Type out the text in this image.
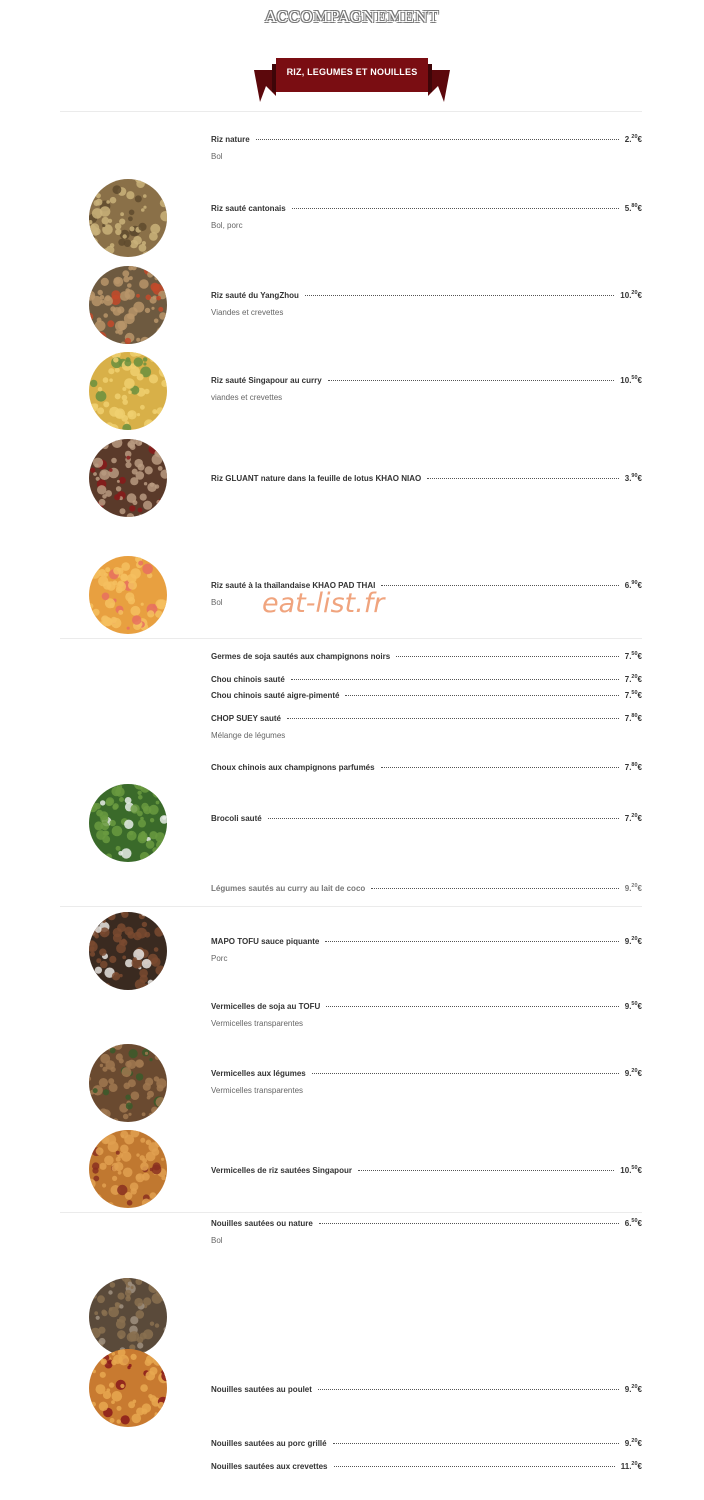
ACCOMPAGNEMENT
RIZ, LEGUMES ET NOUILLES
Riz nature	2.20€
Bol
Riz sauté cantonais	5.80€
Bol, porc
Riz sauté du YangZhou	10.20€
Viandes et crevettes
Riz sauté Singapour au curry	10.50€
viandes et crevettes
Riz GLUANT nature dans la feuille de lotus KHAO NIAO	3.90€
Riz sauté à la thaïlandaise KHAO PAD THAI	6.90€
Bol
Germes de soja sautés aux champignons noirs	7.50€
Chou chinois sauté	7.20€
Chou chinois sauté aigre-pimenté	7.50€
CHOP SUEY sauté	7.80€
Mélange de légumes
Choux chinois aux champignons parfumés	7.80€
Brocoli sauté	7.20€
Légumes sautés au curry au lait de coco	9.20€
MAPO TOFU sauce piquante	9.20€
Porc
Vermicelles de soja au TOFU	9.50€
Vermicelles transparentes
Vermicelles aux légumes	9.20€
Vermicelles transparentes
Vermicelles de riz sautées Singapour	10.50€
Nouilles sautées ou nature	6.50€
Bol
Nouilles sautées au poulet	9.20€
Nouilles sautées au porc grillé	9.20€
Nouilles sautées aux crevettes	11.20€
eat-list.fr
